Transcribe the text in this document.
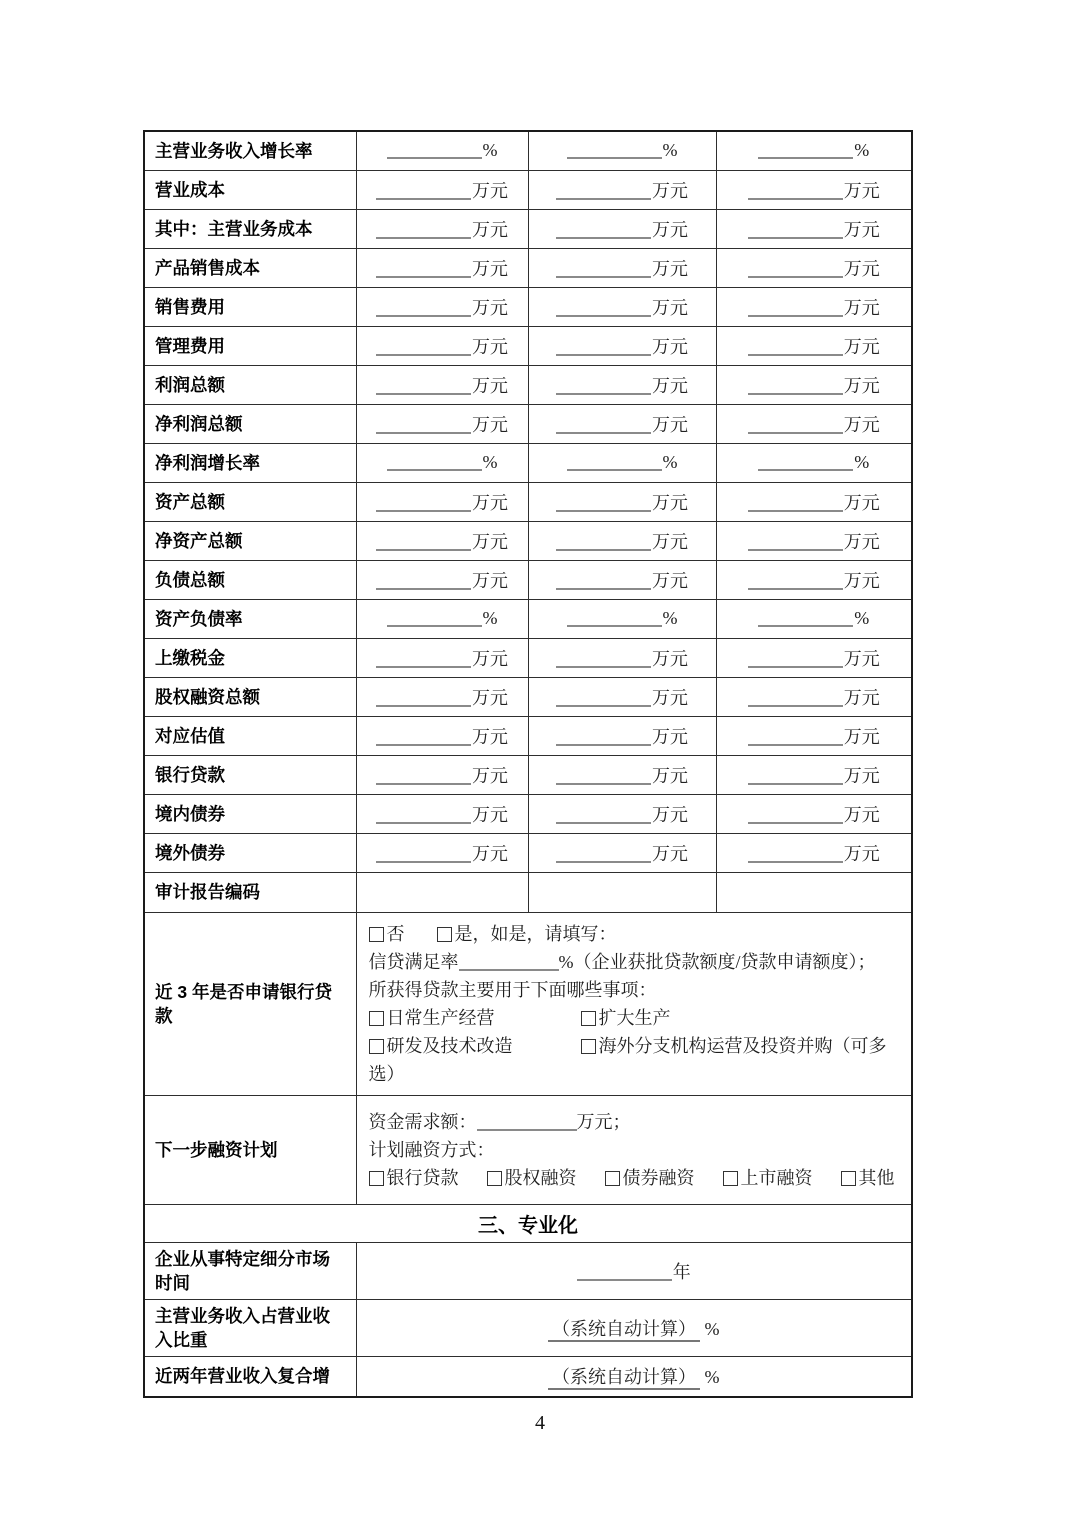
主营业务收入增长率	%	%	%
营业成本	万元	万元	万元
其中：主营业务成本	万元	万元	万元
产品销售成本	万元	万元	万元
销售费用	万元	万元	万元
管理费用	万元	万元	万元
利润总额	万元	万元	万元
净利润总额	万元	万元	万元
净利润增长率	%	%	%
资产总额	万元	万元	万元
净资产总额	万元	万元	万元
负债总额	万元	万元	万元
资产负债率	%	%	%
上缴税金	万元	万元	万元
股权融资总额	万元	万元	万元
对应估值	万元	万元	万元
银行贷款	万元	万元	万元
境内债券	万元	万元	万元
境外债券	万元	万元	万元
审计报告编码			
近 3 年是否申请银行贷款	否 是，如是，请填写：
信贷满足率 %（企业获批贷款额度/贷款申请额度）；
所获得贷款主要用于下面哪些事项：
日常生产经营 扩大生产
研发及技术改造 海外分支机构运营及投资并购（可多选）		

下一步融资计划	资金需求额： 万元；
计划融资方式：
银行贷款 股权融资 债券融资 上市融资 其他		

三、专业化			
企业从事特定细分市场时间	年		
主营业务收入占营业收入比重	（系统自动计算） %		
近两年营业收入复合增	（系统自动计算） %		
4
